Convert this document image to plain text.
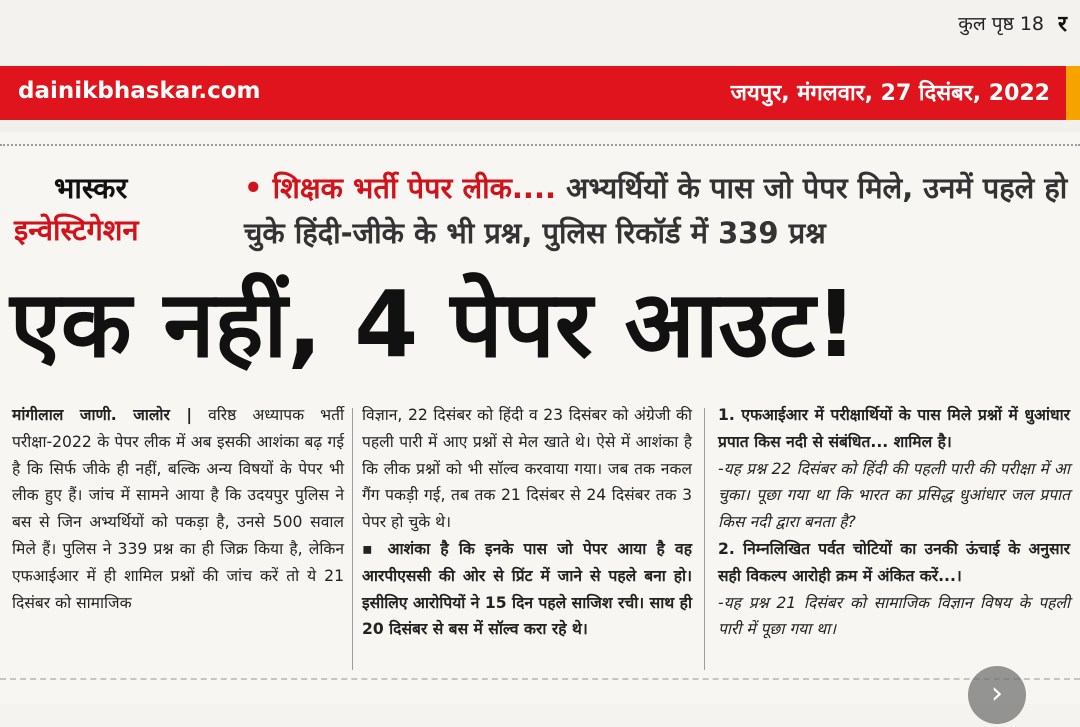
कुल पृष्ठ 18 र
dainikbhaskar.com	जयपुर, मंगलवार, 27 दिसंबर, 2022
भास्कर
इन्वेस्टिगेशन
• शिक्षक भर्ती पेपर लीक.... अभ्यर्थियों के पास जो पेपर मिले, उनमें पहले हो चुके हिंदी-जीके के भी प्रश्न, पुलिस रिकॉर्ड में 339 प्रश्न
एक नहीं, 4 पेपर आउट!
मांगीलाल जाणी. जालोर | वरिष्ठ अध्यापक भर्ती परीक्षा-2022 के पेपर लीक में अब इसकी आशंका बढ़ गई है कि सिर्फ जीके ही नहीं, बल्कि अन्य विषयों के पेपर भी लीक हुए हैं। जांच में सामने आया है कि उदयपुर पुलिस ने बस से जिन अभ्यर्थियों को पकड़ा है, उनसे 500 सवाल मिले हैं। पुलिस ने 339 प्रश्न का ही जिक्र किया है, लेकिन एफआईआर में ही शामिल प्रश्नों की जांच करें तो ये 21 दिसंबर को सामाजिक
विज्ञान, 22 दिसंबर को हिंदी व 23 दिसंबर को अंग्रेजी की पहली पारी में आए प्रश्नों से मेल खाते थे। ऐसे में आशंका है कि लीक प्रश्नों को भी सॉल्व करवाया गया। जब तक नकल गैंग पकड़ी गई, तब तक 21 दिसंबर से 24 दिसंबर तक 3 पेपर हो चुके थे।
▪ आशंका है कि इनके पास जो पेपर आया है वह आरपीएससी की ओर से प्रिंट में जाने से पहले बना हो। इसीलिए आरोपियों ने 15 दिन पहले साजिश रची। साथ ही 20 दिसंबर से बस में सॉल्व करा रहे थे।
1. एफआईआर में परीक्षार्थियों के पास मिले प्रश्नों में धुआंधार प्रपात किस नदी से संबंधित... शामिल है।
-यह प्रश्न 22 दिसंबर को हिंदी की पहली पारी की परीक्षा में आ चुका। पूछा गया था कि भारत का प्रसिद्ध धुआंधार जल प्रपात किस नदी द्वारा बनता है?
2. निम्नलिखित पर्वत चोटियों का उनकी ऊंचाई के अनुसार सही विकल्प आरोही क्रम में अंकित करें...।
-यह प्रश्न 21 दिसंबर को सामाजिक विज्ञान विषय के पहली पारी में पूछा गया था।
›
